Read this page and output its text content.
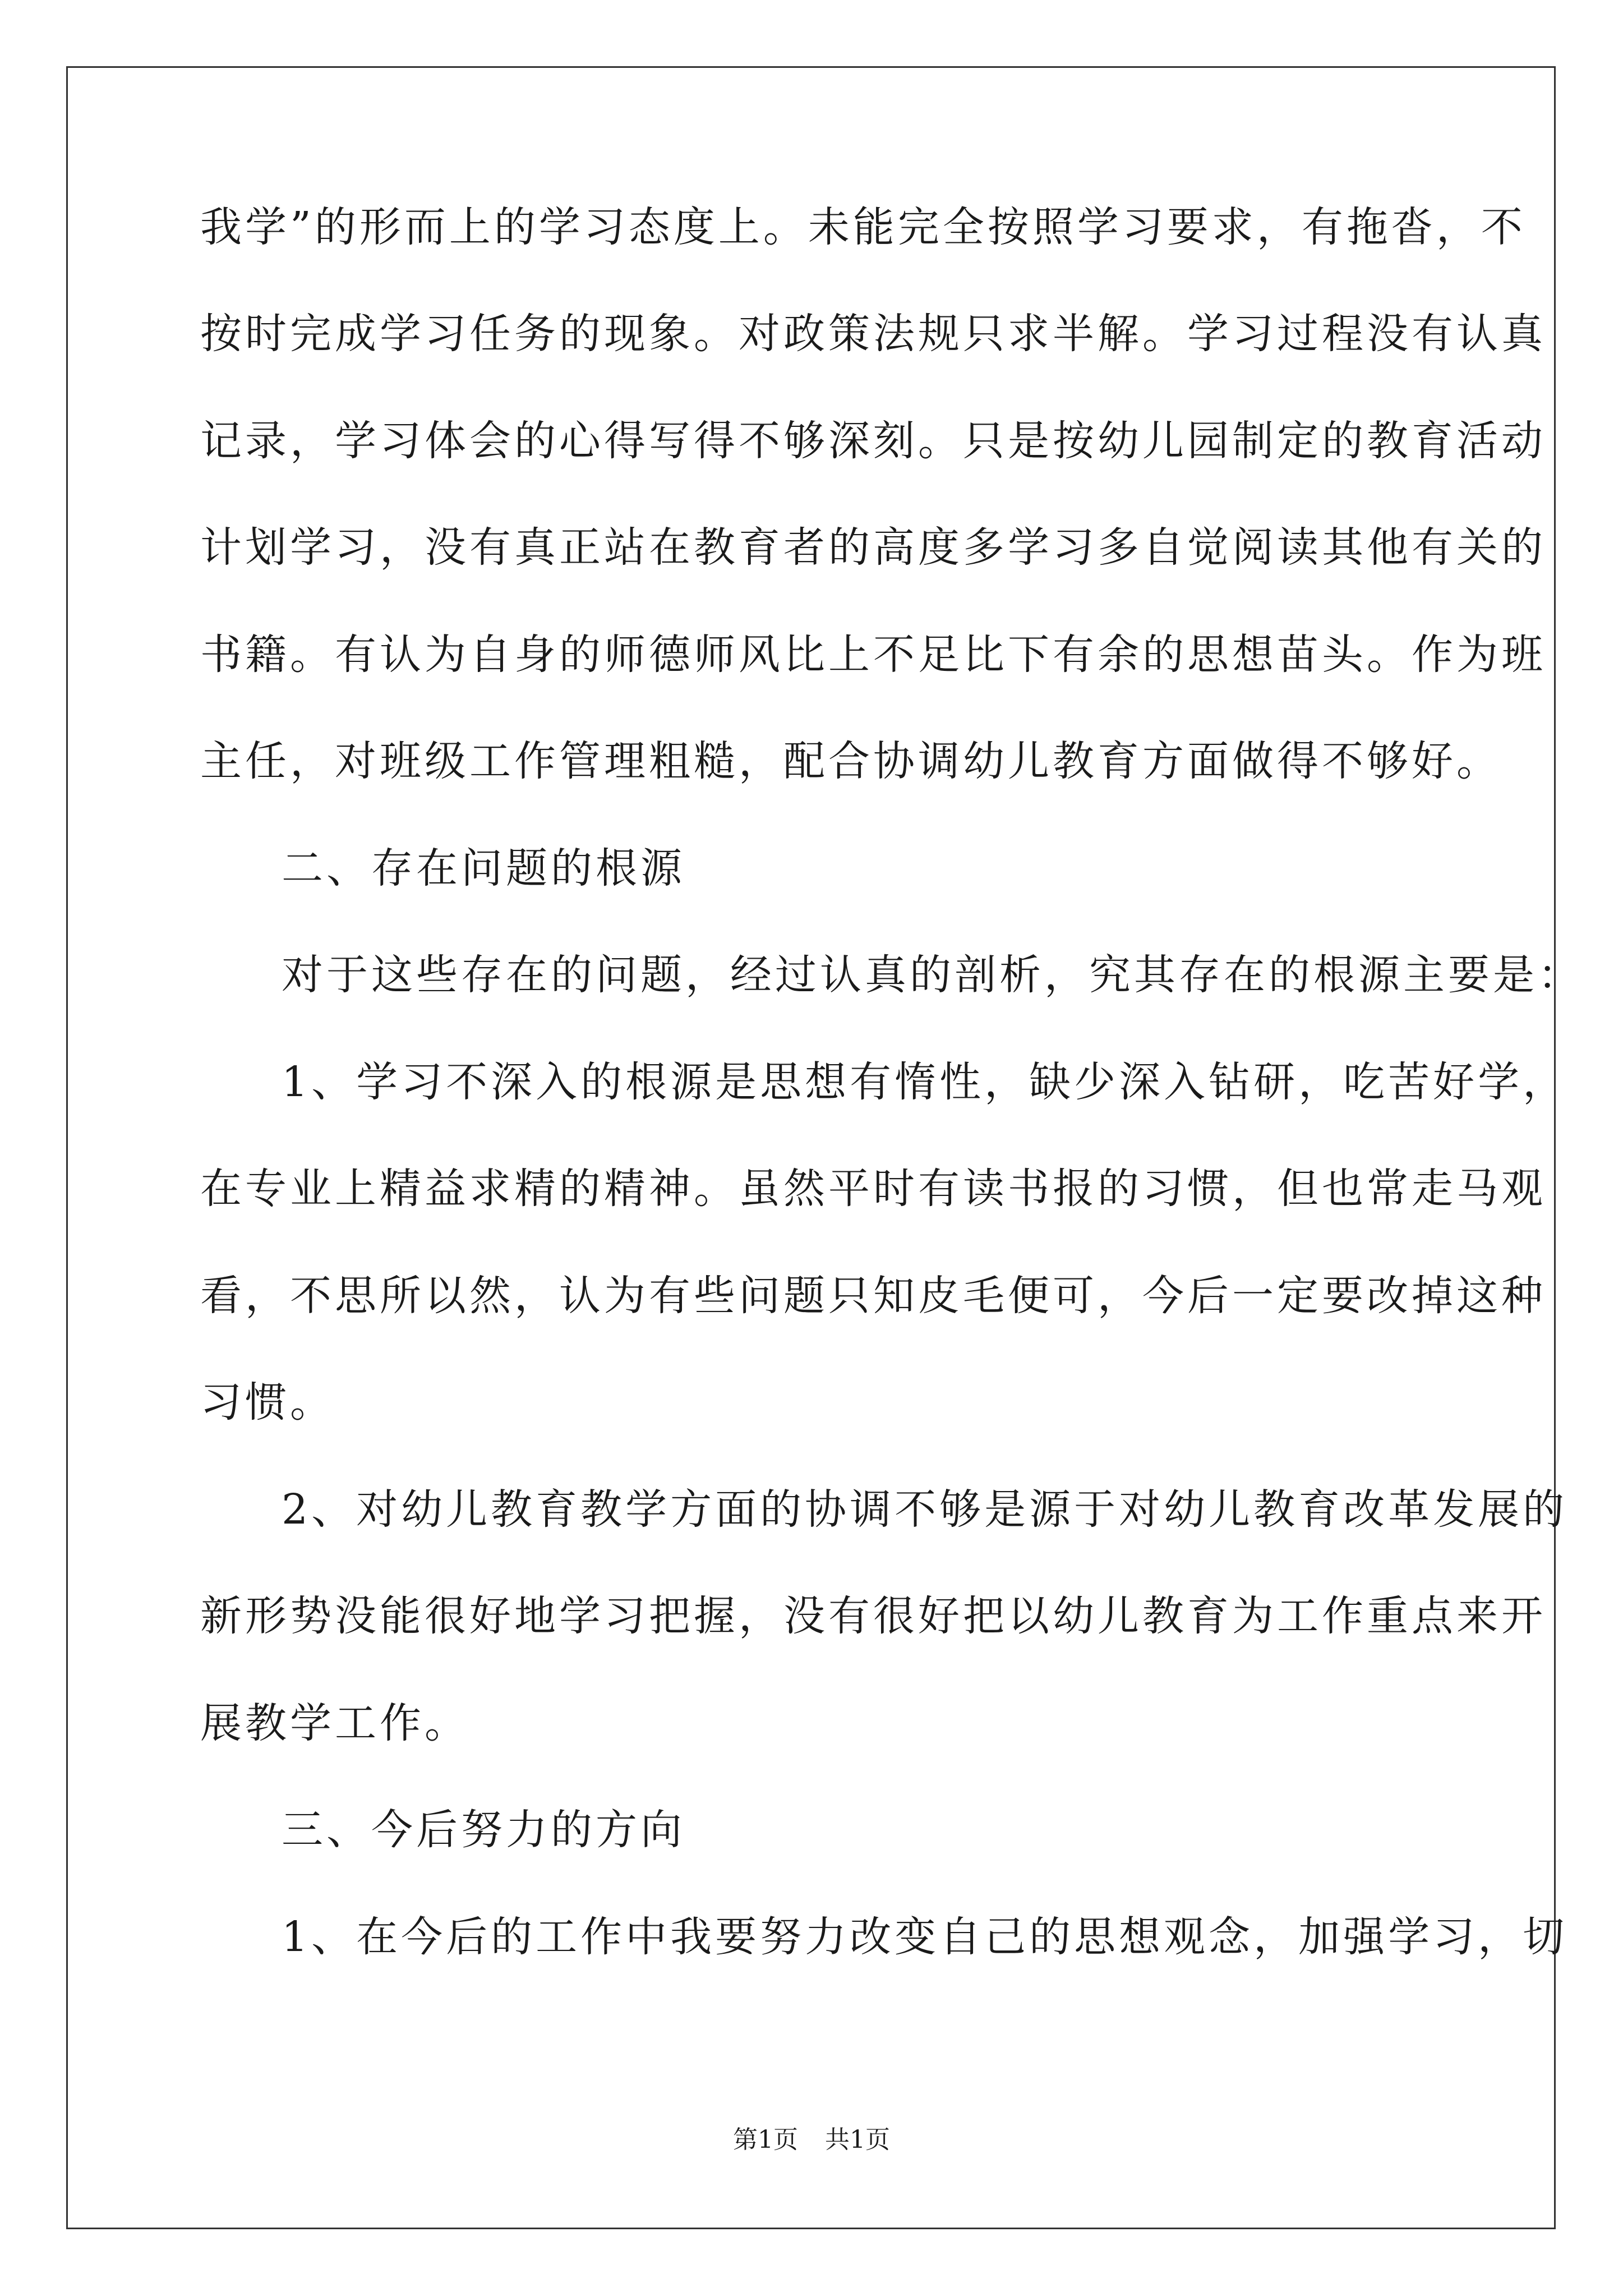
我学”的形而上的学习态度上。未能完全按照学习要求，有拖沓，不
按时完成学习任务的现象。对政策法规只求半解。学习过程没有认真
记录，学习体会的心得写得不够深刻。只是按幼儿园制定的教育活动
计划学习，没有真正站在教育者的高度多学习多自觉阅读其他有关的
书籍。有认为自身的师德师风比上不足比下有余的思想苗头。作为班
主任，对班级工作管理粗糙，配合协调幼儿教育方面做得不够好。
二、存在问题的根源
对于这些存在的问题，经过认真的剖析，究其存在的根源主要是：
1、学习不深入的根源是思想有惰性，缺少深入钻研，吃苦好学，
在专业上精益求精的精神。虽然平时有读书报的习惯，但也常走马观
看，不思所以然，认为有些问题只知皮毛便可，今后一定要改掉这种
习惯。
2、对幼儿教育教学方面的协调不够是源于对幼儿教育改革发展的
新形势没能很好地学习把握，没有很好把以幼儿教育为工作重点来开
展教学工作。
三、今后努力的方向
1、在今后的工作中我要努力改变自己的思想观念，加强学习，切
第1页 共1页
